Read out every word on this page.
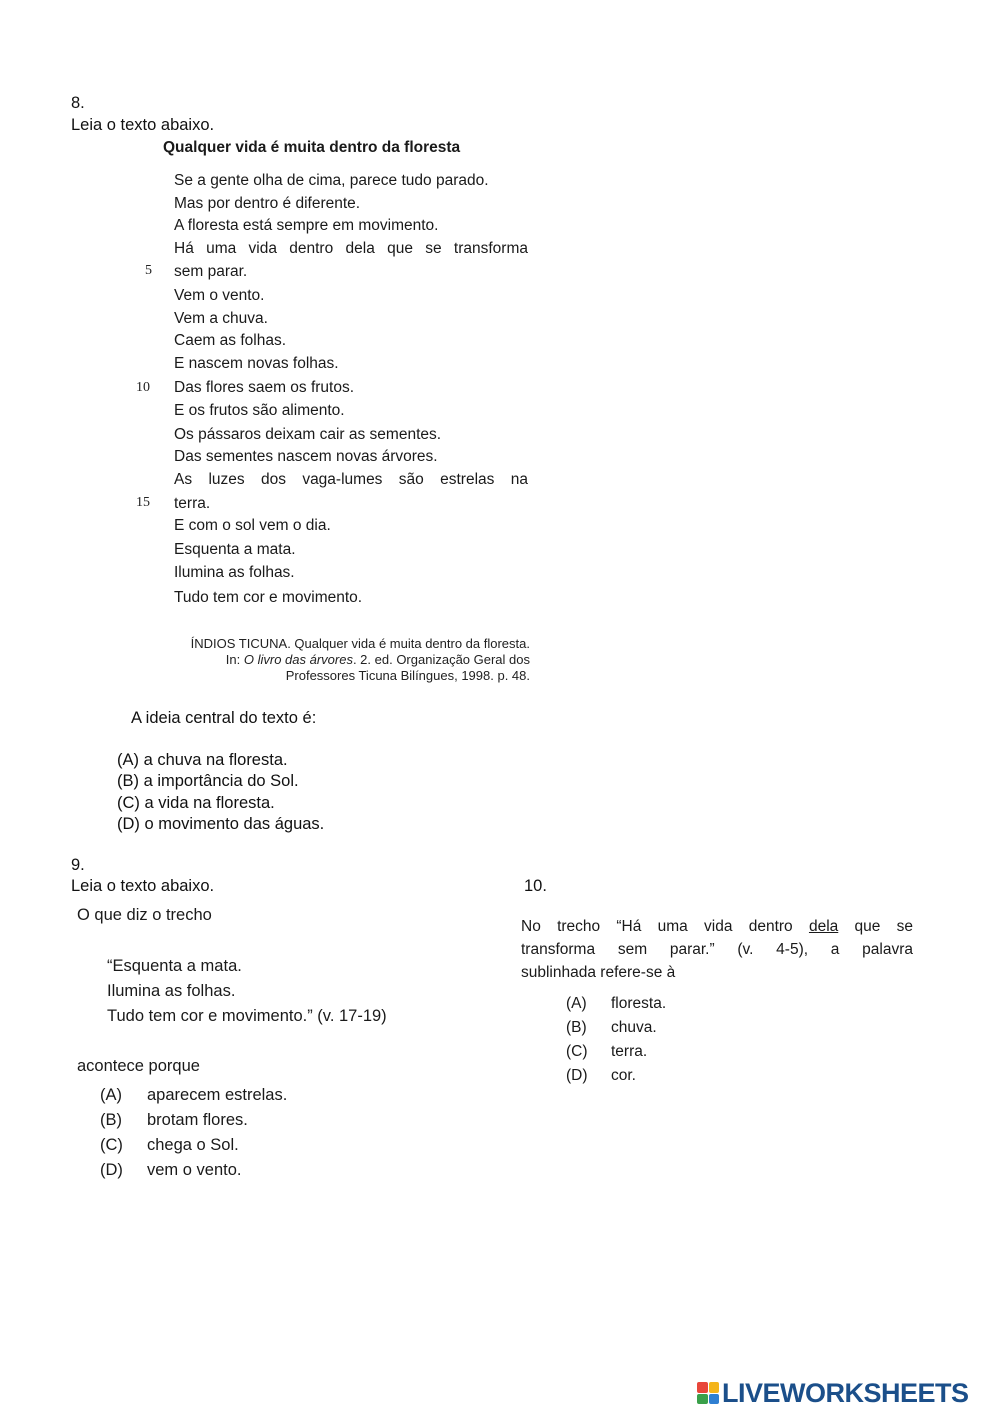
8.
Leia o texto abaixo.
Qualquer vida é muita dentro da floresta
Se a gente olha de cima, parece tudo parado.
Mas por dentro é diferente.
A floresta está sempre em movimento.
Há uma vida dentro dela que se transforma
sem parar.
Vem o vento.
Vem a chuva.
Caem as folhas.
E nascem novas folhas.
Das flores saem os frutos.
E os frutos são alimento.
Os pássaros deixam cair as sementes.
Das sementes nascem novas árvores.
As luzes dos vaga-lumes são estrelas na
terra.
E com o sol vem o dia.
Esquenta a mata.
Ilumina as folhas.
Tudo tem cor e movimento.
5
10
15
ÍNDIOS TICUNA. Qualquer vida é muita dentro da floresta.
In: O livro das árvores. 2. ed. Organização Geral dos
Professores Ticuna Bilíngues, 1998. p. 48.
A ideia central do texto é:
(A) a chuva na floresta.
(B) a importância do Sol.
(C) a vida na floresta.
(D) o movimento das águas.
9.
Leia o texto abaixo.
O que diz o trecho
“Esquenta a mata.
Ilumina as folhas.
Tudo tem cor e movimento.” (v. 17-19)
acontece porque
(A) aparecem estrelas.
(B) brotam flores.
(C) chega o Sol.
(D) vem o vento.
10.
No trecho “Há uma vida dentro dela que se
transforma sem parar.” (v. 4-5), a palavra
sublinhada refere-se à
(A) floresta.
(B) chuva.
(C) terra.
(D) cor.
LIVEWORKSHEETS
